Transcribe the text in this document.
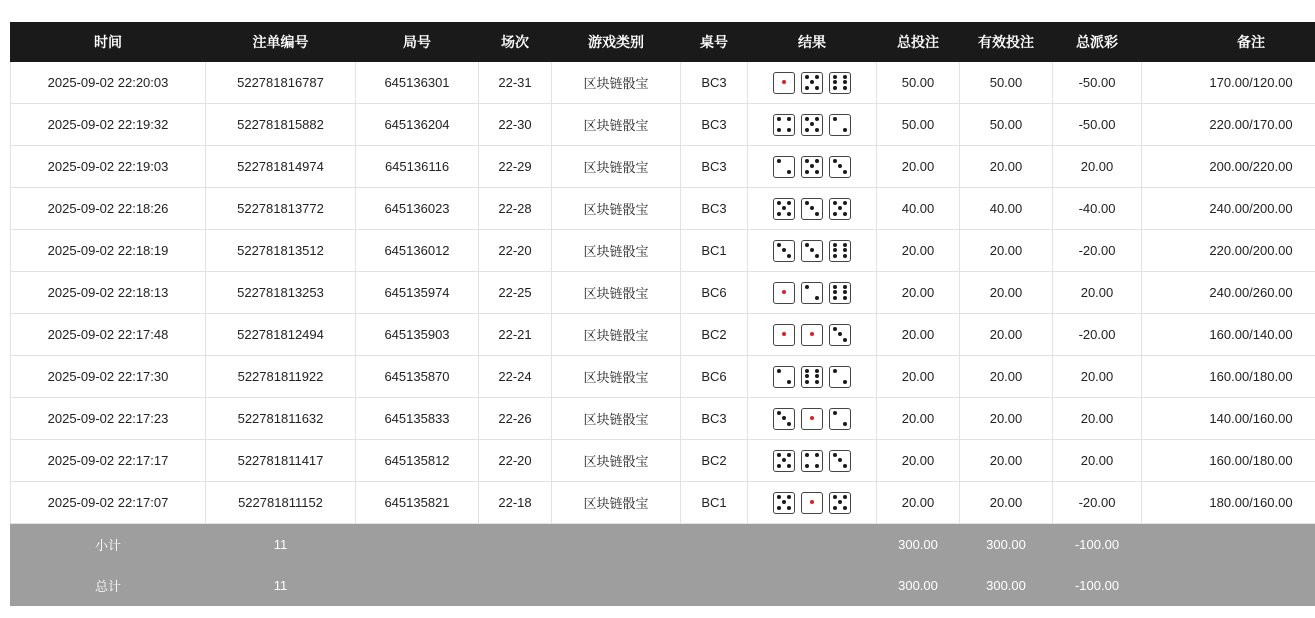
时间	注单编号	局号	场次	游戏类别	桌号	结果	总投注	有效投注	总派彩	备注
2025-09-02 22:20:03	522781816787	645136301	22-31	区块链骰宝	BC3		50.00	50.00	-50.00	170.00/120.00
2025-09-02 22:19:32	522781815882	645136204	22-30	区块链骰宝	BC3		50.00	50.00	-50.00	220.00/170.00
2025-09-02 22:19:03	522781814974	645136116	22-29	区块链骰宝	BC3		20.00	20.00	20.00	200.00/220.00
2025-09-02 22:18:26	522781813772	645136023	22-28	区块链骰宝	BC3		40.00	40.00	-40.00	240.00/200.00
2025-09-02 22:18:19	522781813512	645136012	22-20	区块链骰宝	BC1		20.00	20.00	-20.00	220.00/200.00
2025-09-02 22:18:13	522781813253	645135974	22-25	区块链骰宝	BC6		20.00	20.00	20.00	240.00/260.00
2025-09-02 22:17:48	522781812494	645135903	22-21	区块链骰宝	BC2		20.00	20.00	-20.00	160.00/140.00
2025-09-02 22:17:30	522781811922	645135870	22-24	区块链骰宝	BC6		20.00	20.00	20.00	160.00/180.00
2025-09-02 22:17:23	522781811632	645135833	22-26	区块链骰宝	BC3		20.00	20.00	20.00	140.00/160.00
2025-09-02 22:17:17	522781811417	645135812	22-20	区块链骰宝	BC2		20.00	20.00	20.00	160.00/180.00
2025-09-02 22:17:07	522781811152	645135821	22-18	区块链骰宝	BC1		20.00	20.00	-20.00	180.00/160.00
小计	11						300.00	300.00	-100.00	
总计	11						300.00	300.00	-100.00	
